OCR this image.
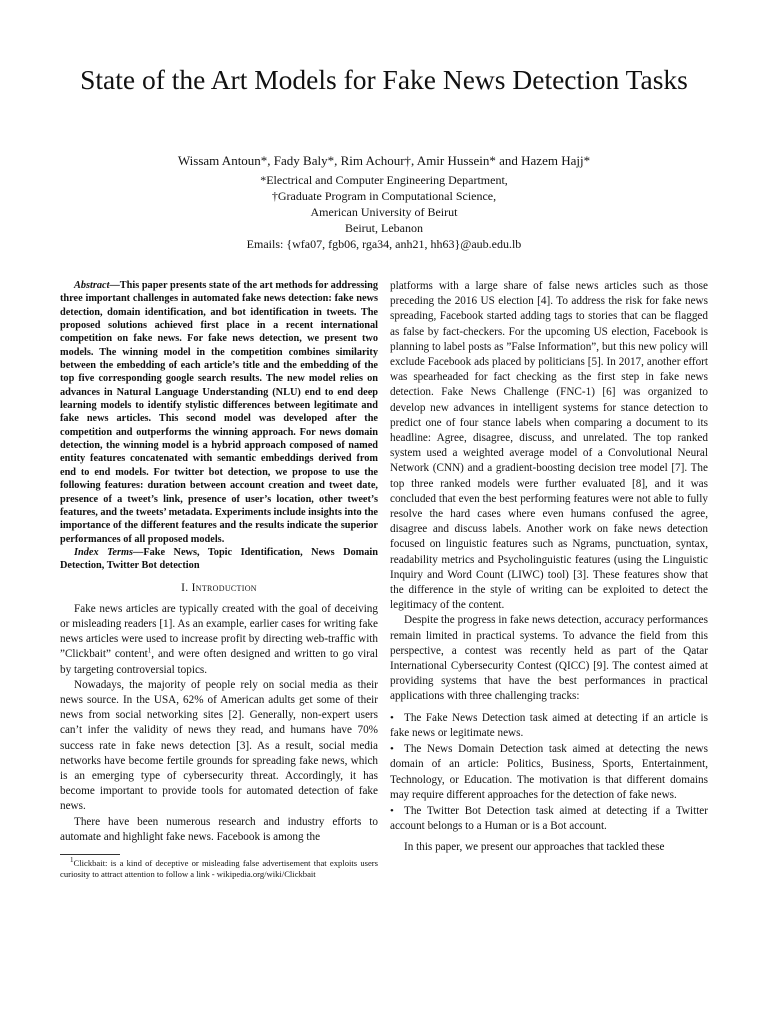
State of the Art Models for Fake News Detection Tasks
Wissam Antoun*, Fady Baly*, Rim Achour†, Amir Hussein* and Hazem Hajj*
*Electrical and Computer Engineering Department,
†Graduate Program in Computational Science,
American University of Beirut
Beirut, Lebanon
Emails: {wfa07, fgb06, rga34, anh21, hh63}@aub.edu.lb

Abstract—This paper presents state of the art methods for addressing three important challenges in automated fake news detection: fake news detection, domain identification, and bot identification in tweets. The proposed solutions achieved first place in a recent international competition on fake news. For fake news detection, we present two models. The winning model in the competition combines similarity between the embedding of each article’s title and the embedding of the top five corresponding google search results. The new model relies on advances in Natural Language Understanding (NLU) end to end deep learning models to identify stylistic differences between legitimate and fake news articles. This second model was developed after the competition and outperforms the winning approach. For news domain detection, the winning model is a hybrid approach composed of named entity features concatenated with semantic embeddings derived from end to end models. For twitter bot detection, we propose to use the following features: duration between account creation and tweet date, presence of a tweet’s link, presence of user’s location, other tweet’s features, and the tweets’ metadata. Experiments include insights into the importance of the different features and the results indicate the superior performances of all proposed models.

Index Terms—Fake News, Topic Identification, News Domain Detection, Twitter Bot detection

I. Introduction

Fake news articles are typically created with the goal of deceiving or misleading readers [1]. As an example, earlier cases for writing fake news articles were used to increase profit by directing web-traffic with ”Clickbait” content$^1$, and were often designed and written to go viral by targeting controversial topics.

Nowadays, the majority of people rely on social media as their news source. In the USA, 62% of American adults get some of their news from social networking sites [2]. Generally, non-expert users can’t infer the validity of news they read, and humans have 70% success rate in fake news detection [3]. As a result, social media networks have become fertile grounds for spreading fake news, which is an emerging type of cybersecurity threat. Accordingly, it has become important to provide tools for automated detection of fake news.

There have been numerous research and industry efforts to automate and highlight fake news. Facebook is among the

$^1$Clickbait: is a kind of deceptive or misleading false advertisement that exploits users curiosity to attract attention to follow a link - wikipedia.org/wiki/Clickbait

platforms with a large share of false news articles such as those preceding the 2016 US election [4]. To address the risk for fake news spreading, Facebook started adding tags to stories that can be flagged as false by fact-checkers. For the upcoming US election, Facebook is planning to label posts as ”False Information”, but this new policy will exclude Facebook ads placed by politicians [5]. In 2017, another effort was spearheaded for fact checking as the first step in fake news detection. Fake News Challenge (FNC-1) [6] was organized to develop new advances in intelligent systems for stance detection to predict one of four stance labels when comparing a document to its headline: Agree, disagree, discuss, and unrelated. The top ranked system used a weighted average model of a Convolutional Neural Network (CNN) and a gradient-boosting decision tree model [7]. The top three ranked models were further evaluated [8], and it was concluded that even the best performing features were not able to fully resolve the hard cases where even humans confused the agree, disagree and discuss labels. Another work on fake news detection focused on linguistic features such as Ngrams, punctuation, syntax, readability metrics and Psycholinguistic features (using the Linguistic Inquiry and Word Count (LIWC) tool) [3]. These features show that the difference in the style of writing can be exploited to detect the legitimacy of the content.

Despite the progress in fake news detection, accuracy performances remain limited in practical systems. To advance the field from this perspective, a contest was recently held as part of the Qatar International Cybersecurity Contest (QICC) [9]. The contest aimed at providing systems that have the best performances in practical applications with three challenging tracks:

• The Fake News Detection task aimed at detecting if an article is fake news or legitimate news.
• The News Domain Detection task aimed at detecting the news domain of an article: Politics, Business, Sports, Entertainment, Technology, or Education. The motivation is that different domains may require different approaches for the detection of fake news.
• The Twitter Bot Detection task aimed at detecting if a Twitter account belongs to a Human or is a Bot account.

In this paper, we present our approaches that tackled these
